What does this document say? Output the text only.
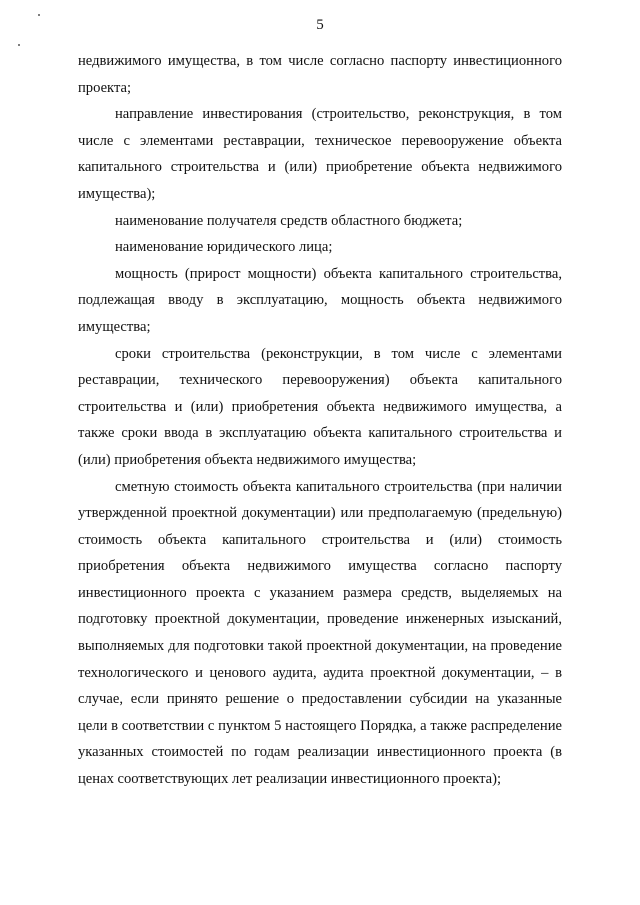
5

недвижимого имущества, в том числе согласно паспорту инвестиционного проекта;

направление инвестирования (строительство, реконструкция, в том числе с элементами реставрации, техническое перевооружение объекта капитального строительства и (или) приобретение объекта недвижимого имущества);

наименование получателя средств областного бюджета;

наименование юридического лица;

мощность (прирост мощности) объекта капитального строительства, подлежащая вводу в эксплуатацию, мощность объекта недвижимого имущества;

сроки строительства (реконструкции, в том числе с элементами реставрации, технического перевооружения) объекта капитального строительства и (или) приобретения объекта недвижимого имущества, а также сроки ввода в эксплуатацию объекта капитального строительства и (или) приобретения объекта недвижимого имущества;

сметную стоимость объекта капитального строительства (при наличии утвержденной проектной документации) или предполагаемую (предельную) стоимость объекта капитального строительства и (или) стоимость приобретения объекта недвижимого имущества согласно паспорту инвестиционного проекта с указанием размера средств, выделяемых на подготовку проектной документации, проведение инженерных изысканий, выполняемых для подготовки такой проектной документации, на проведение технологического и ценового аудита, аудита проектной документации, – в случае, если принято решение о предоставлении субсидии на указанные цели в соответствии с пунктом 5 настоящего Порядка, а также распределение указанных стоимостей по годам реализации инвестиционного проекта (в ценах соответствующих лет реализации инвестиционного проекта);
